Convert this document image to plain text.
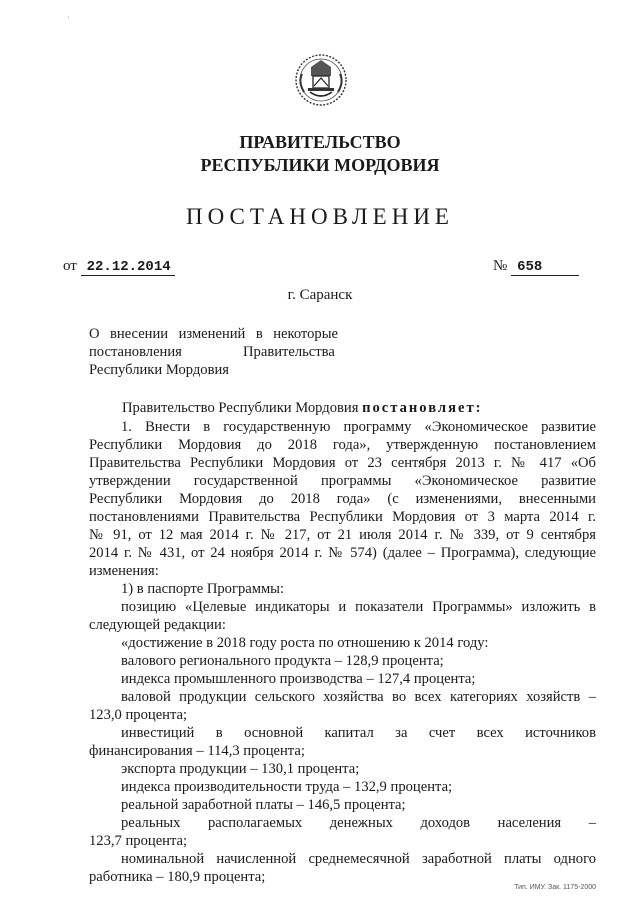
'
ПРАВИТЕЛЬСТВО
РЕСПУБЛИКИ МОРДОВИЯ
ПОСТАНОВЛЕНИЕ
от 22.12.2014	№ 658
г. Саранск
О внесении изменений в некоторые
постановления	Правительства
Республики Мордовия
Правительство Республики Мордовия постановляет:
1. Внести в государственную программу «Экономическое развитие
Республики Мордовия до 2018 года», утвержденную постановлением
Правительства Республики Мордовия от 23 сентября 2013 г. № 417 «Об
утверждении государственной программы «Экономическое развитие
Республики Мордовия до 2018 года» (с изменениями, внесенными
постановлениями Правительства Республики Мордовия от 3 марта 2014 г.
№ 91, от 12 мая 2014 г. № 217, от 21 июля 2014 г. № 339, от 9 сентября
2014 г. № 431, от 24 ноября 2014 г. № 574) (далее – Программа), следующие
изменения:
1) в паспорте Программы:
позицию «Целевые индикаторы и показатели Программы» изложить в
следующей редакции:
«достижение в 2018 году роста по отношению к 2014 году:
валового регионального продукта – 128,9 процента;
индекса промышленного производства – 127,4 процента;
валовой продукции сельского хозяйства во всех категориях хозяйств –
123,0 процента;
инвестиций в основной капитал за счет всех источников
финансирования – 114,3 процента;
экспорта продукции – 130,1 процента;
индекса производительности труда – 132,9 процента;
реальной заработной платы – 146,5 процента;
реальных располагаемых денежных доходов населения –
123,7 процента;
номинальной начисленной среднемесячной заработной платы одного
работника – 180,9 процента;
Тип. ИМУ. Зак. 1175-2000
